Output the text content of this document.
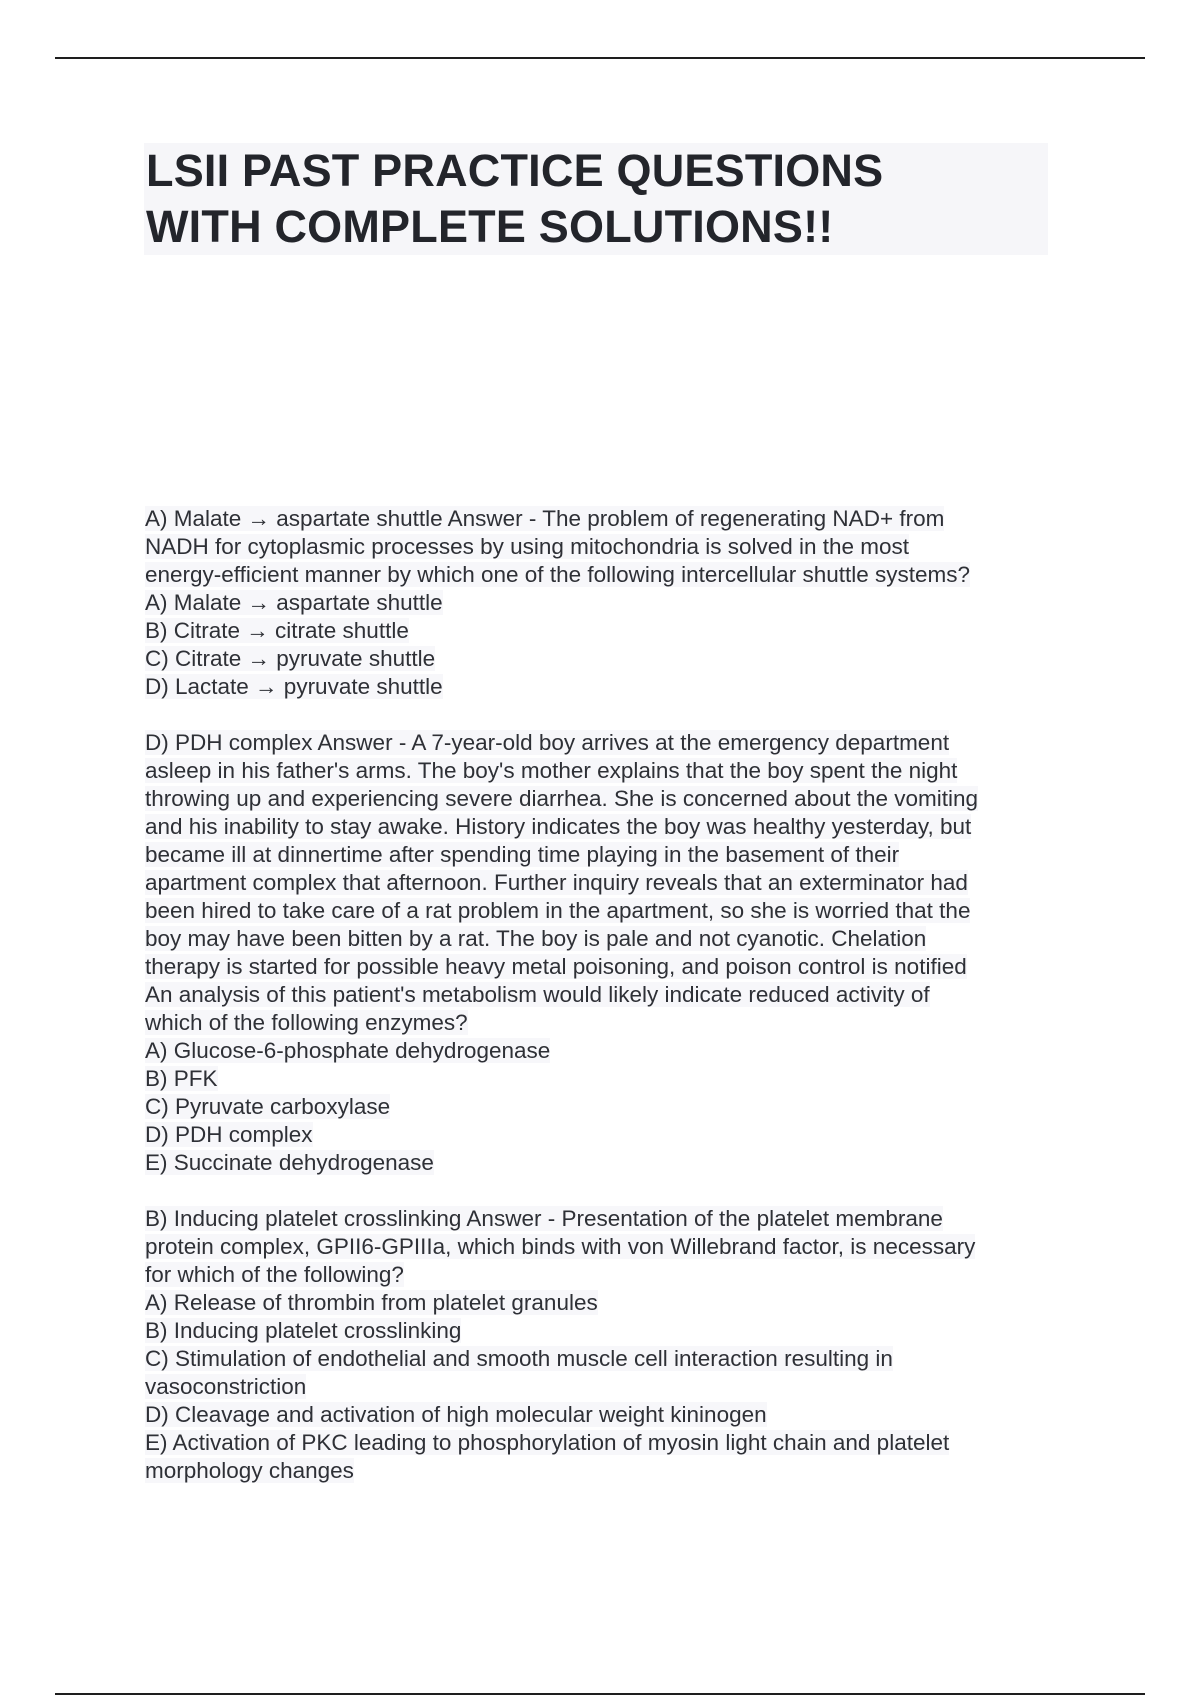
LSII PAST PRACTICE QUESTIONS
WITH COMPLETE SOLUTIONS!!
A) Malate → aspartate shuttle Answer - The problem of regenerating NAD+ from
NADH for cytoplasmic processes by using mitochondria is solved in the most
energy-efficient manner by which one of the following intercellular shuttle systems?
A) Malate → aspartate shuttle
B) Citrate → citrate shuttle
C) Citrate → pyruvate shuttle
D) Lactate → pyruvate shuttle
D) PDH complex Answer - A 7-year-old boy arrives at the emergency department
asleep in his father's arms. The boy's mother explains that the boy spent the night
throwing up and experiencing severe diarrhea. She is concerned about the vomiting
and his inability to stay awake. History indicates the boy was healthy yesterday, but
became ill at dinnertime after spending time playing in the basement of their
apartment complex that afternoon. Further inquiry reveals that an exterminator had
been hired to take care of a rat problem in the apartment, so she is worried that the
boy may have been bitten by a rat. The boy is pale and not cyanotic. Chelation
therapy is started for possible heavy metal poisoning, and poison control is notified
An analysis of this patient's metabolism would likely indicate reduced activity of
which of the following enzymes?
A) Glucose-6-phosphate dehydrogenase
B) PFK
C) Pyruvate carboxylase
D) PDH complex
E) Succinate dehydrogenase
B) Inducing platelet crosslinking Answer - Presentation of the platelet membrane
protein complex, GPII6-GPIIIa, which binds with von Willebrand factor, is necessary
for which of the following?
A) Release of thrombin from platelet granules
B) Inducing platelet crosslinking
C) Stimulation of endothelial and smooth muscle cell interaction resulting in
vasoconstriction
D) Cleavage and activation of high molecular weight kininogen
E) Activation of PKC leading to phosphorylation of myosin light chain and platelet
morphology changes
